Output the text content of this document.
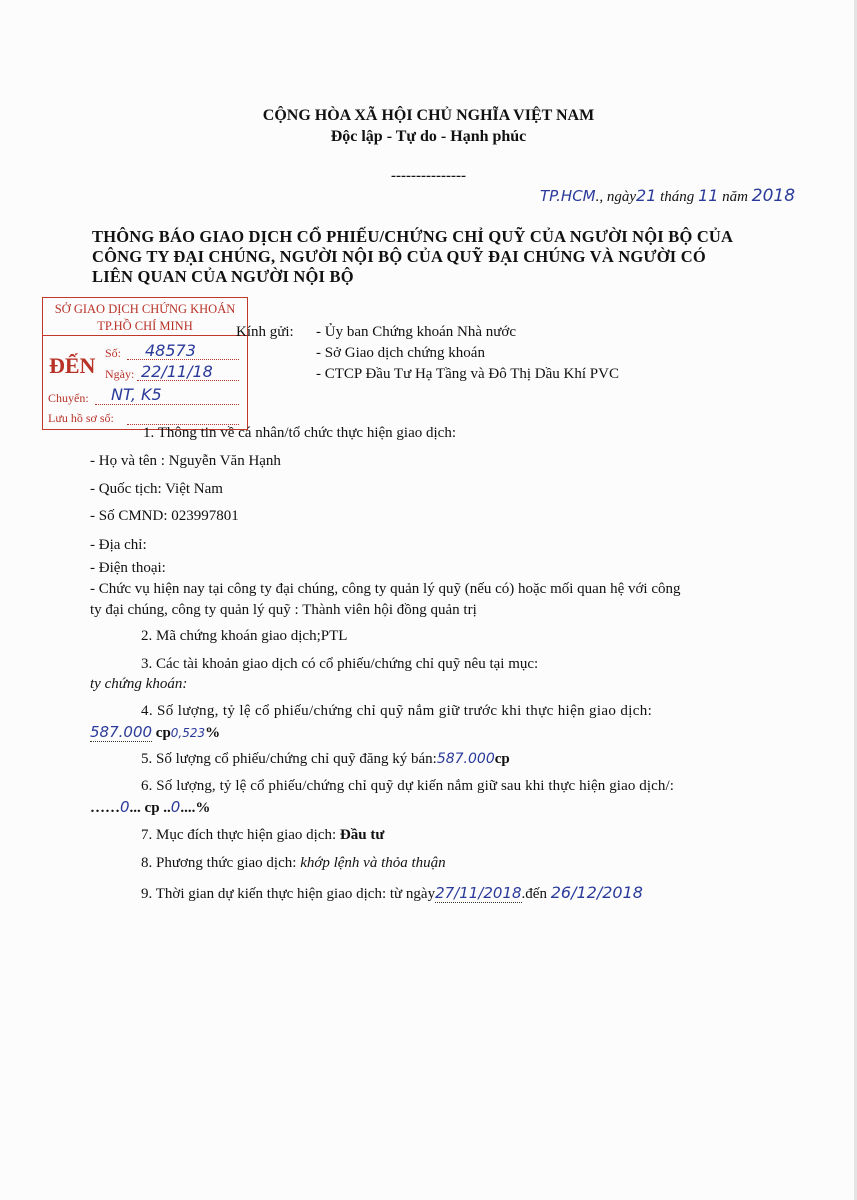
CỘNG HÒA XÃ HỘI CHỦ NGHĨA VIỆT NAM
Độc lập - Tự do - Hạnh phúc
---------------
TP.HCM., ngày21 tháng 11 năm 2018
THÔNG BÁO GIAO DỊCH CỔ PHIẾU/CHỨNG CHỈ QUỸ CỦA NGƯỜI NỘI BỘ CỦA
CÔNG TY ĐẠI CHÚNG, NGƯỜI NỘI BỘ CỦA QUỸ ĐẠI CHÚNG VÀ NGƯỜI CÓ
LIÊN QUAN CỦA NGƯỜI NỘI BỘ
SỞ GIAO DỊCH CHỨNG KHOÁN
TP.HỒ CHÍ MINH
ĐẾN Số: 48573
Ngày: 22/11/18
Chuyển: NT, K5
Lưu hồ sơ số:
Kính gửi: - Ủy ban Chứng khoán Nhà nước
- Sở Giao dịch chứng khoán
- CTCP Đầu Tư Hạ Tầng và Đô Thị Dầu Khí PVC
1. Thông tin về cá nhân/tổ chức thực hiện giao dịch:
- Họ và tên : Nguyễn Văn Hạnh
- Quốc tịch: Việt Nam
- Số CMND: 023997801
- Địa chỉ:
- Điện thoại:
- Chức vụ hiện nay tại công ty đại chúng, công ty quản lý quỹ (nếu có) hoặc mối quan hệ với công
ty đại chúng, công ty quản lý quỹ : Thành viên hội đồng quản trị
2. Mã chứng khoán giao dịch;PTL
3. Các tài khoản giao dịch có cổ phiếu/chứng chỉ quỹ nêu tại mục:
ty chứng khoán:
4. Số lượng, tỷ lệ cổ phiếu/chứng chỉ quỹ nắm giữ trước khi thực hiện giao dịch:
587.000 cp0,523%
5. Số lượng cổ phiếu/chứng chỉ quỹ đăng ký bán:587.000cp
6. Số lượng, tỷ lệ cổ phiếu/chứng chỉ quỹ dự kiến nắm giữ sau khi thực hiện giao dịch/:
……0... cp ..0....%
7. Mục đích thực hiện giao dịch: Đầu tư
8. Phương thức giao dịch: khớp lệnh và thỏa thuận
9. Thời gian dự kiến thực hiện giao dịch: từ ngày27/11/2018.đến 26/12/2018
